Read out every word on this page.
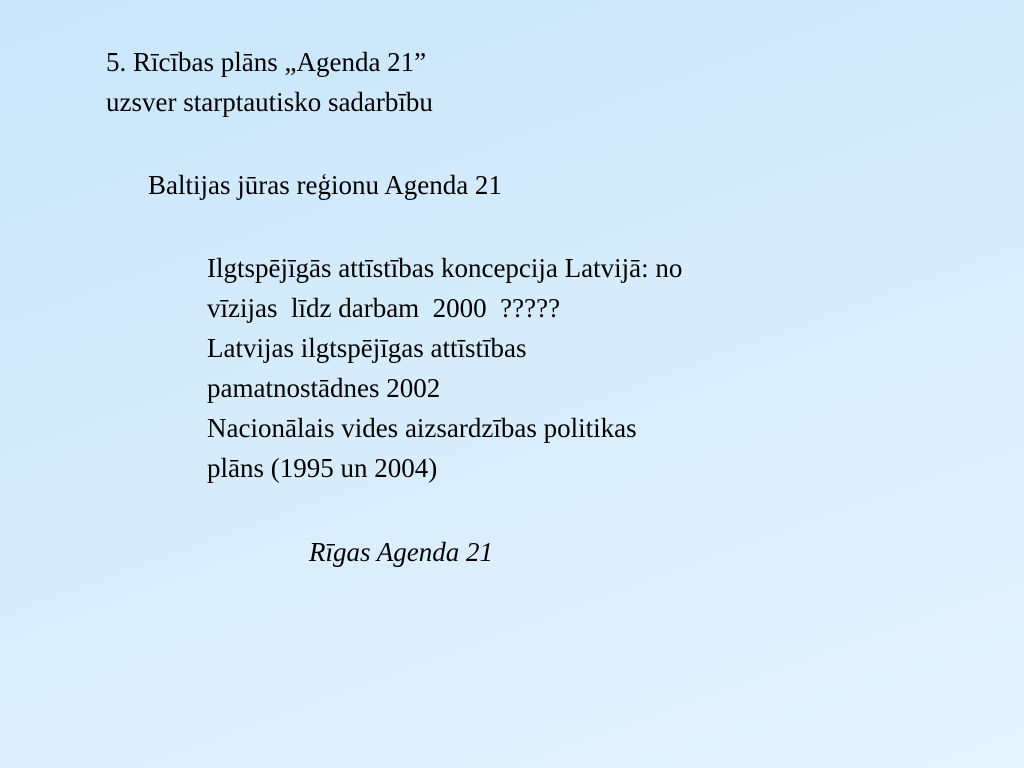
5. Rīcības plāns „Agenda 21”
uzsver starptautisko sadarbību
Baltijas jūras reģionu Agenda 21
Ilgtspējīgās attīstības koncepcija Latvijā: no
vīzijas  līdz darbam  2000  ?????
Latvijas ilgtspējīgas attīstības
pamatnostādnes 2002
Nacionālais vides aizsardzības politikas
plāns (1995 un 2004)
Rīgas Agenda 21
